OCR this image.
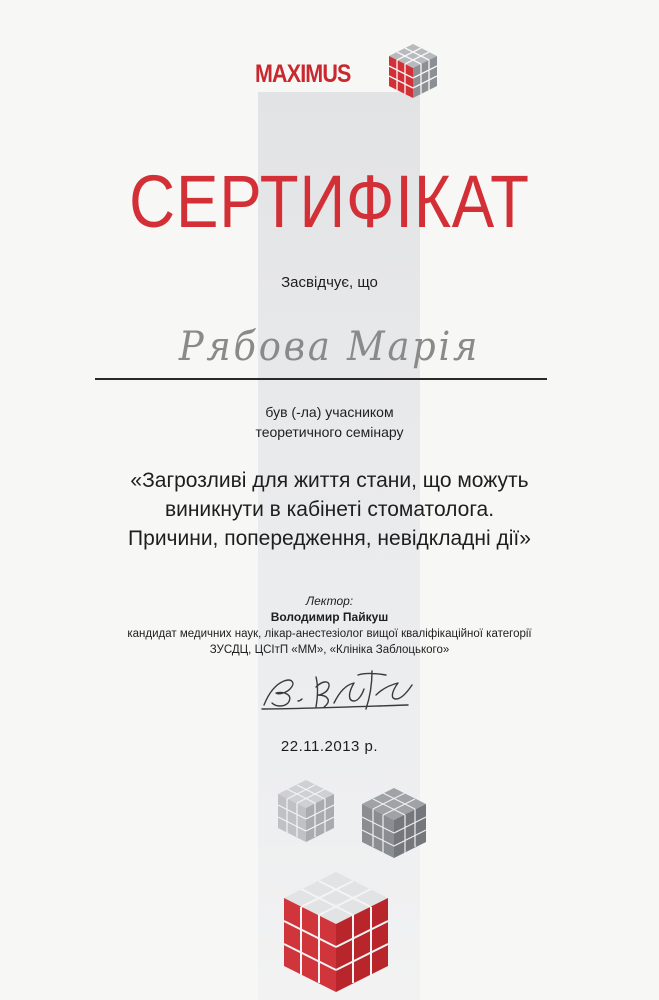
MAXIMUS
СЕРТИФІКАТ
Засвідчує, що
Рябова Марія
був (-ла) учасником
теоретичного семінару
«Загрозливі для життя стани, що можуть
виникнути в кабінеті стоматолога.
Причини, попередження, невідкладні дії»
Лектор:
Володимир Пайкуш
кандидат медичних наук, лікар-анестезіолог вищої кваліфікаційної категорії
ЗУСДЦ, ЦСІтП «ММ», «Клініка Заблоцького»
22.11.2013 р.
